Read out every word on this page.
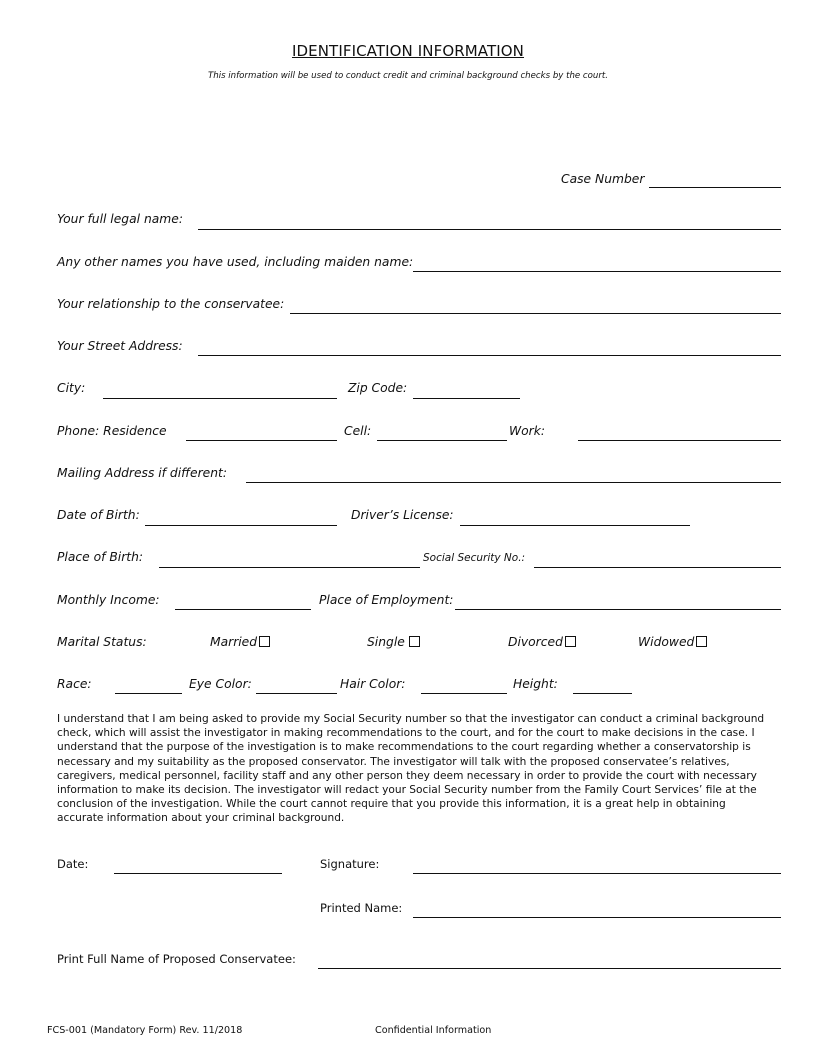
IDENTIFICATION INFORMATION
This information will be used to conduct credit and criminal background checks by the court.
Case Number
Your full legal name:
Any other names you have used, including maiden name:
Your relationship to the conservatee:
Your Street Address:
City:	Zip Code:
Phone: Residence	Cell:	Work:
Mailing Address if different:
Date of Birth:	Driver’s License:
Place of Birth:	Social Security No.:
Monthly Income:	Place of Employment:
Marital Status:	Married	Single	Divorced	Widowed
Race:	Eye Color:	Hair Color:	Height:
I understand that I am being asked to provide my Social Security number so that the investigator can conduct a criminal background check, which will assist the investigator in making recommendations to the court, and for the court to make decisions in the case. I understand that the purpose of the investigation is to make recommendations to the court regarding whether a conservatorship is necessary and my suitability as the proposed conservator. The investigator will talk with the proposed conservatee’s relatives, caregivers, medical personnel, facility staff and any other person they deem necessary in order to provide the court with necessary information to make its decision. The investigator will redact your Social Security number from the Family Court Services’ file at the conclusion of the investigation. While the court cannot require that you provide this information, it is a great help in obtaining accurate information about your criminal background.
Date:	Signature:
Printed Name:
Print Full Name of Proposed Conservatee:
FCS-001 (Mandatory Form) Rev. 11/2018	Confidential Information
